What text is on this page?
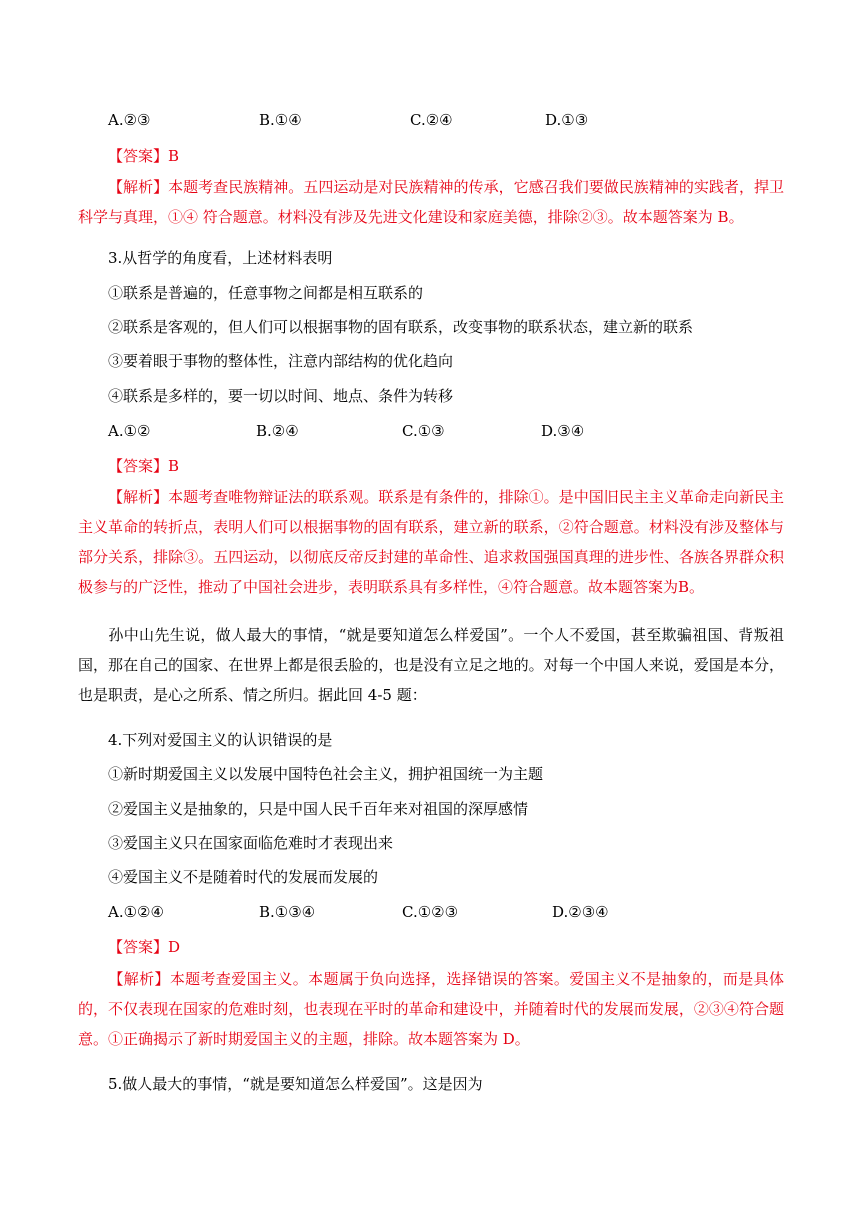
A.②③	B.①④	C.②④	D.①③
【答案】B
【解析】本题考查民族精神。五四运动是对民族精神的传承，它感召我们要做民族精神的实践者，捍卫科学与真理，①④ 符合题意。材料没有涉及先进文化建设和家庭美德，排除②③。故本题答案为 B。
3.从哲学的角度看，上述材料表明
①联系是普遍的，任意事物之间都是相互联系的
②联系是客观的，但人们可以根据事物的固有联系，改变事物的联系状态，建立新的联系
③要着眼于事物的整体性，注意内部结构的优化趋向
④联系是多样的，要一切以时间、地点、条件为转移
A.①②	B.②④	C.①③	D.③④
【答案】B
【解析】本题考查唯物辩证法的联系观。联系是有条件的，排除①。是中国旧民主主义革命走向新民主主义革命的转折点，表明人们可以根据事物的固有联系，建立新的联系，②符合题意。材料没有涉及整体与部分关系，排除③。五四运动，以彻底反帝反封建的革命性、追求救国强国真理的进步性、各族各界群众积极参与的广泛性，推动了中国社会进步，表明联系具有多样性，④符合题意。故本题答案为B。
孙中山先生说，做人最大的事情，“就是要知道怎么样爱国”。一个人不爱国，甚至欺骗祖国、背叛祖国，那在自己的国家、在世界上都是很丢脸的，也是没有立足之地的。对每一个中国人来说，爱国是本分，也是职责，是心之所系、情之所归。据此回 4-5 题：
4.下列对爱国主义的认识错误的是
①新时期爱国主义以发展中国特色社会主义，拥护祖国统一为主题
②爱国主义是抽象的，只是中国人民千百年来对祖国的深厚感情
③爱国主义只在国家面临危难时才表现出来
④爱国主义不是随着时代的发展而发展的
A.①②④	B.①③④	C.①②③	D.②③④
【答案】D
【解析】本题考查爱国主义。本题属于负向选择，选择错误的答案。爱国主义不是抽象的，而是具体的，不仅表现在国家的危难时刻，也表现在平时的革命和建设中，并随着时代的发展而发展，②③④符合题意。①正确揭示了新时期爱国主义的主题，排除。故本题答案为 D。
5.做人最大的事情，“就是要知道怎么样爱国”。这是因为
